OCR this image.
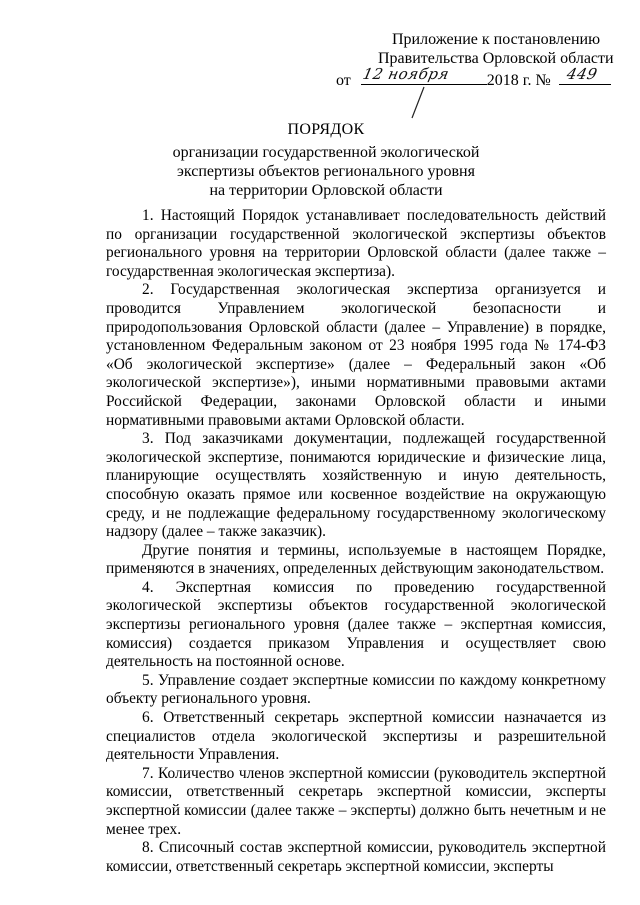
Приложение к постановлению
Правительства Орловской области
от 12 ноября 2018 г. № 449
ПОРЯДОК
организации государственной экологической
экспертизы объектов регионального уровня
на территории Орловской области

1. Настоящий Порядок устанавливает последовательность действий по организации государственной экологической экспертизы объектов регионального уровня на территории Орловской области (далее также – государственная экологическая экспертиза).

2. Государственная экологическая экспертиза организуется и проводится Управлением экологической безопасности и природопользования Орловской области (далее – Управление) в порядке, установленном Федеральным законом от 23 ноября 1995 года № 174-ФЗ «Об экологической экспертизе» (далее – Федеральный закон «Об экологической экспертизе»), иными нормативными правовыми актами Российской Федерации, законами Орловской области и иными нормативными правовыми актами Орловской области.

3. Под заказчиками документации, подлежащей государственной экологической экспертизе, понимаются юридические и физические лица, планирующие осуществлять хозяйственную и иную деятельность, способную оказать прямое или косвенное воздействие на окружающую среду, и не подлежащие федеральному государственному экологическому надзору (далее – также заказчик).

Другие понятия и термины, используемые в настоящем Порядке, применяются в значениях, определенных действующим законодательством.

4. Экспертная комиссия по проведению государственной экологической экспертизы объектов государственной экологической экспертизы регионального уровня (далее также – экспертная комиссия, комиссия) создается приказом Управления и осуществляет свою деятельность на постоянной основе.

5. Управление создает экспертные комиссии по каждому конкретному объекту регионального уровня.

6. Ответственный секретарь экспертной комиссии назначается из специалистов отдела экологической экспертизы и разрешительной деятельности Управления.

7. Количество членов экспертной комиссии (руководитель экспертной комиссии, ответственный секретарь экспертной комиссии, эксперты экспертной комиссии (далее также – эксперты) должно быть нечетным и не менее трех.

8. Списочный состав экспертной комиссии, руководитель экспертной комиссии, ответственный секретарь экспертной комиссии, эксперты
